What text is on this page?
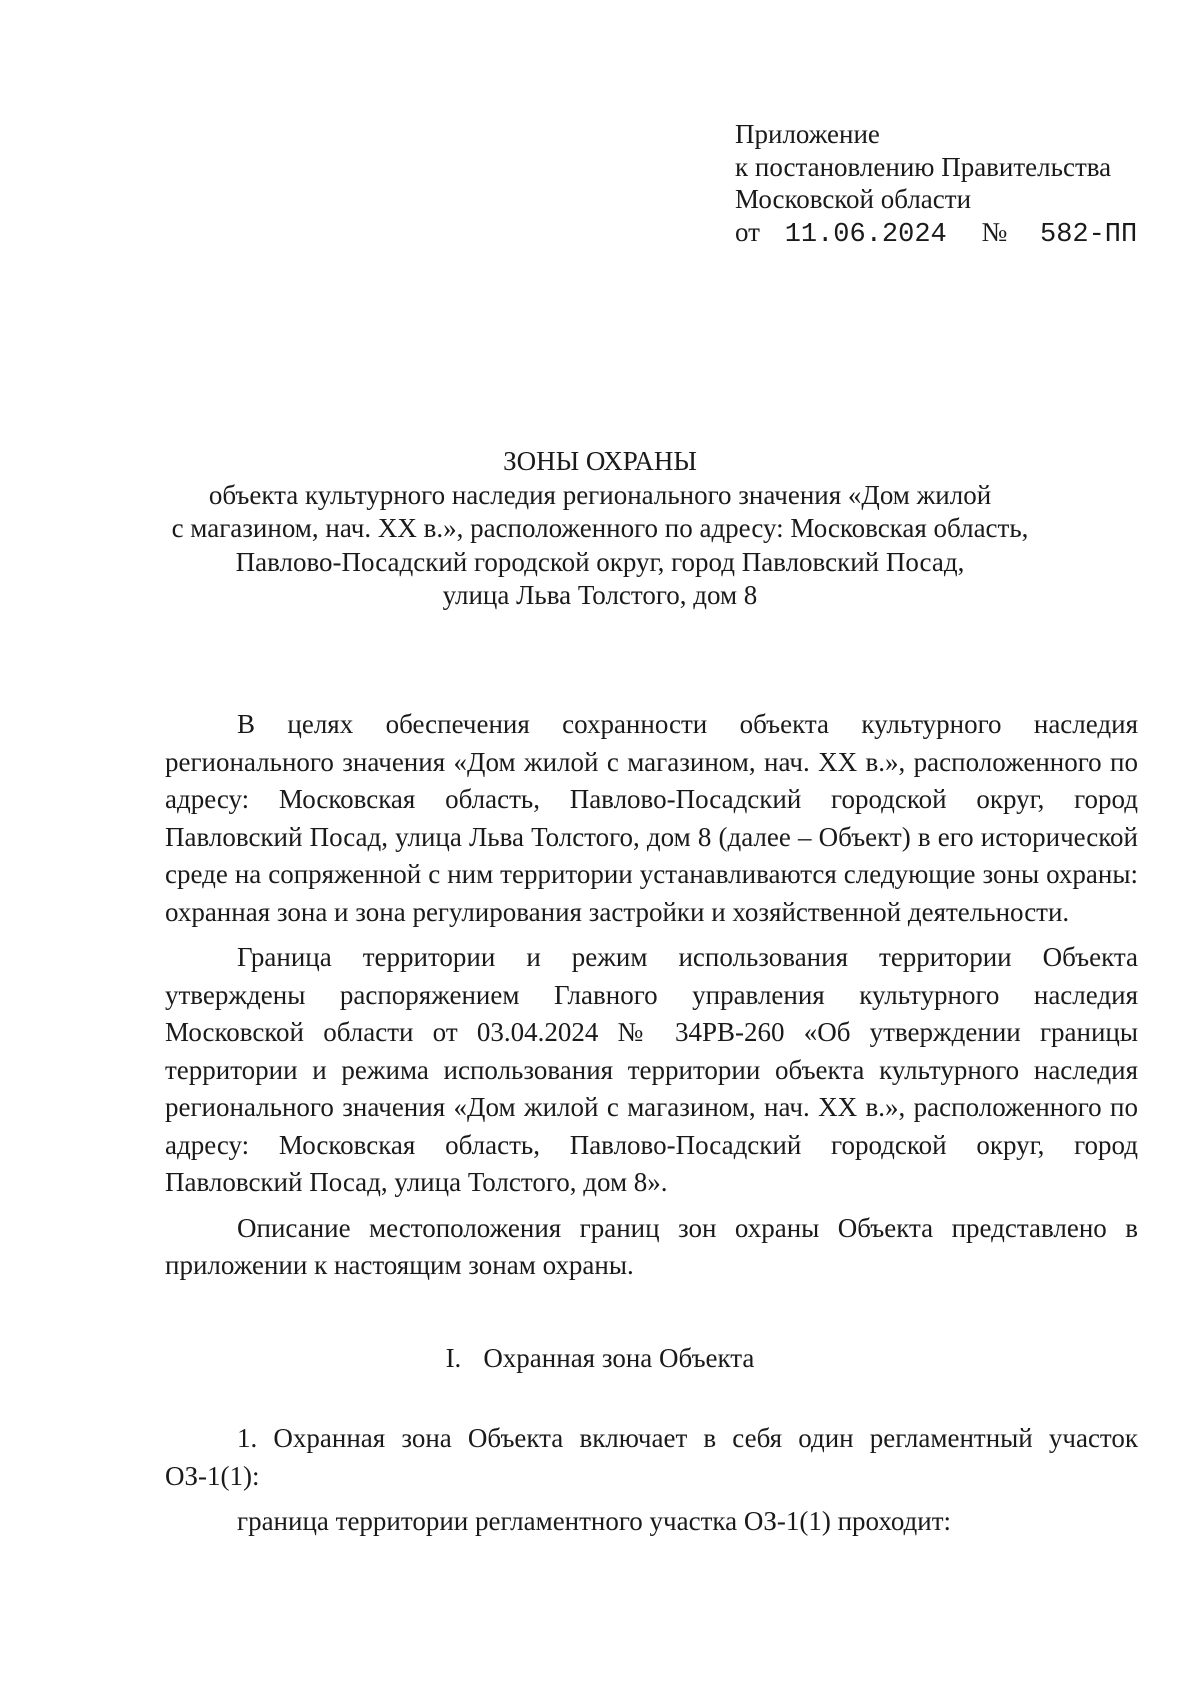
Приложение
к постановлению Правительства
Московской области
от 11.06.2024 № 582-ПП
ЗОНЫ ОХРАНЫ
объекта культурного наследия регионального значения «Дом жилой
с магазином, нач. XX в.», расположенного по адресу: Московская область,
Павлово-Посадский городской округ, город Павловский Посад,
улица Льва Толстого, дом 8

В целях обеспечения сохранности объекта культурного наследия регионального значения «Дом жилой с магазином, нач. XX в.», расположенного по адресу: Московская область, Павлово-Посадский городской округ, город Павловский Посад, улица Льва Толстого, дом 8 (далее – Объект) в его исторической среде на сопряженной с ним территории устанавливаются следующие зоны охраны: охранная зона и зона регулирования застройки и хозяйственной деятельности.

Граница территории и режим использования территории Объекта утверждены распоряжением Главного управления культурного наследия Московской области от 03.04.2024 № 34РВ-260 «Об утверждении границы территории и режима использования территории объекта культурного наследия регионального значения «Дом жилой с магазином, нач. XX в.», расположенного по адресу: Московская область, Павлово-Посадский городской округ, город Павловский Посад, улица Толстого, дом 8».

Описание местоположения границ зон охраны Объекта представлено в приложении к настоящим зонам охраны.

I. Охранная зона Объекта

1. Охранная зона Объекта включает в себя один регламентный участок ОЗ-1(1):

граница территории регламентного участка ОЗ-1(1) проходит:
